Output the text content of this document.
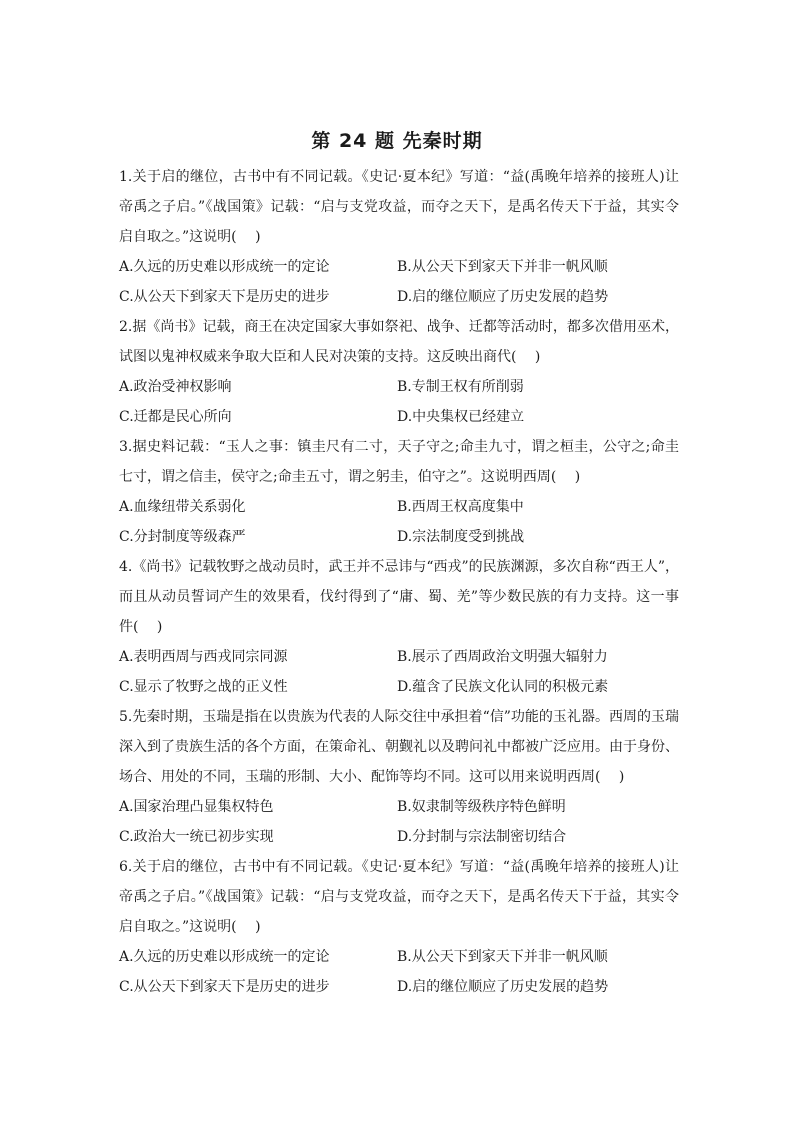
第 24 题 先秦时期

1.关于启的继位，古书中有不同记载。《史记·夏本纪》写道：“益(禹晚年培养的接班人)让帝禹之子启。”《战国策》记载：“启与支党攻益，而夺之天下，是禹名传天下于益，其实令启自取之。”这说明(　 )

A.久远的历史难以形成统一的定论	B.从公天下到家天下并非一帆风顺

C.从公天下到家天下是历史的进步	D.启的继位顺应了历史发展的趋势

2.据《尚书》记载，商王在决定国家大事如祭祀、战争、迁都等活动时，都多次借用巫术，试图以鬼神权威来争取大臣和人民对决策的支持。这反映出商代(　 )

A.政治受神权影响	B.专制王权有所削弱

C.迁都是民心所向	D.中央集权已经建立

3.据史料记载：“玉人之事：镇圭尺有二寸，天子守之;命圭九寸，谓之桓圭，公守之;命圭七寸，谓之信圭，侯守之;命圭五寸，谓之躬圭，伯守之”。这说明西周(　 )

A.血缘纽带关系弱化	B.西周王权高度集中

C.分封制度等级森严	D.宗法制度受到挑战

4.《尚书》记载牧野之战动员时，武王并不忌讳与“西戎”的民族渊源，多次自称“西王人”，而且从动员誓词产生的效果看，伐纣得到了“庸、蜀、羌”等少数民族的有力支持。这一事件(　 )

A.表明西周与西戎同宗同源	B.展示了西周政治文明强大辐射力

C.显示了牧野之战的正义性	D.蕴含了民族文化认同的积极元素

5.先秦时期，玉瑞是指在以贵族为代表的人际交往中承担着“信”功能的玉礼器。西周的玉瑞深入到了贵族生活的各个方面，在策命礼、朝觐礼以及聘问礼中都被广泛应用。由于身份、场合、用处的不同，玉瑞的形制、大小、配饰等均不同。这可以用来说明西周(　 )

A.国家治理凸显集权特色	B.奴隶制等级秩序特色鲜明

C.政治大一统已初步实现	D.分封制与宗法制密切结合

6.关于启的继位，古书中有不同记载。《史记·夏本纪》写道：“益(禹晚年培养的接班人)让帝禹之子启。”《战国策》记载：“启与支党攻益，而夺之天下，是禹名传天下于益，其实令启自取之。”这说明(　 )

A.久远的历史难以形成统一的定论	B.从公天下到家天下并非一帆风顺

C.从公天下到家天下是历史的进步	D.启的继位顺应了历史发展的趋势
